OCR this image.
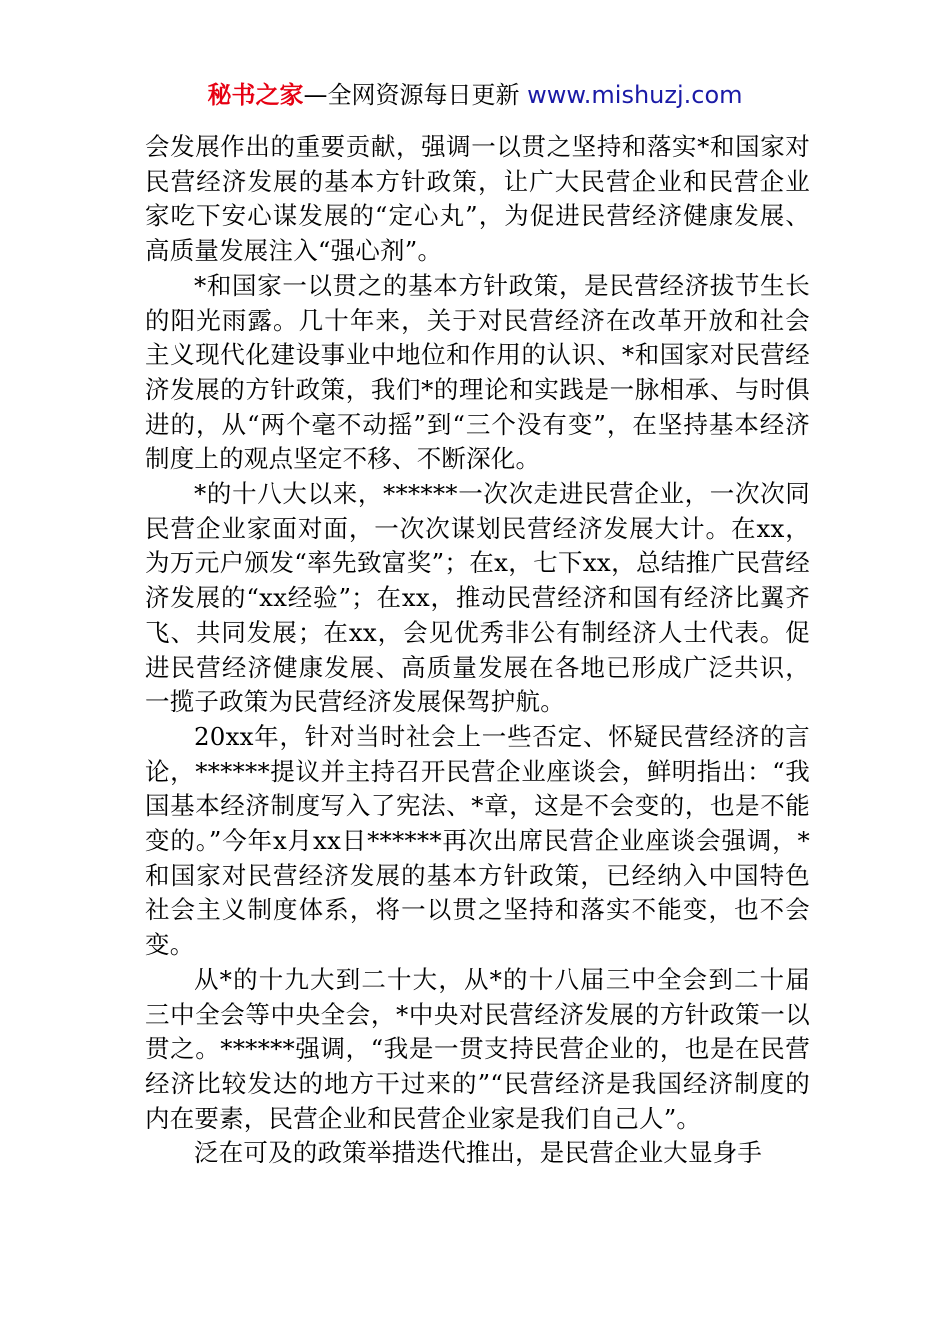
秘书之家—全网资源每日更新 www.mishuzj.com

会发展作出的重要贡献，强调一以贯之坚持和落实*和国家对民营经济发展的基本方针政策，让广大民营企业和民营企业家吃下安心谋发展的“定心丸”，为促进民营经济健康发展、高质量发展注入“强心剂”。

*和国家一以贯之的基本方针政策，是民营经济拔节生长的阳光雨露。几十年来，关于对民营经济在改革开放和社会主义现代化建设事业中地位和作用的认识、*和国家对民营经济发展的方针政策，我们*的理论和实践是一脉相承、与时俱进的，从“两个毫不动摇”到“三个没有变”，在坚持基本经济制度上的观点坚定不移、不断深化。

*的十八大以来，******一次次走进民营企业，一次次同民营企业家面对面，一次次谋划民营经济发展大计。在xx，为万元户颁发“率先致富奖”；在x，七下xx，总结推广民营经济发展的“xx经验”；在xx，推动民营经济和国有经济比翼齐飞、共同发展；在xx，会见优秀非公有制经济人士代表。促进民营经济健康发展、高质量发展在各地已形成广泛共识，一揽子政策为民营经济发展保驾护航。

20xx年，针对当时社会上一些否定、怀疑民营经济的言论，******提议并主持召开民营企业座谈会，鲜明指出：“我国基本经济制度写入了宪法、*章，这是不会变的，也是不能变的。”今年x月xx日******再次出席民营企业座谈会强调，*和国家对民营经济发展的基本方针政策，已经纳入中国特色社会主义制度体系，将一以贯之坚持和落实不能变，也不会变。

从*的十九大到二十大，从*的十八届三中全会到二十届三中全会等中央全会，*中央对民营经济发展的方针政策一以贯之。******强调，“我是一贯支持民营企业的，也是在民营经济比较发达的地方干过来的”“民营经济是我国经济制度的内在要素，民营企业和民营企业家是我们自己人”。

泛在可及的政策举措迭代推出，是民营企业大显身手
